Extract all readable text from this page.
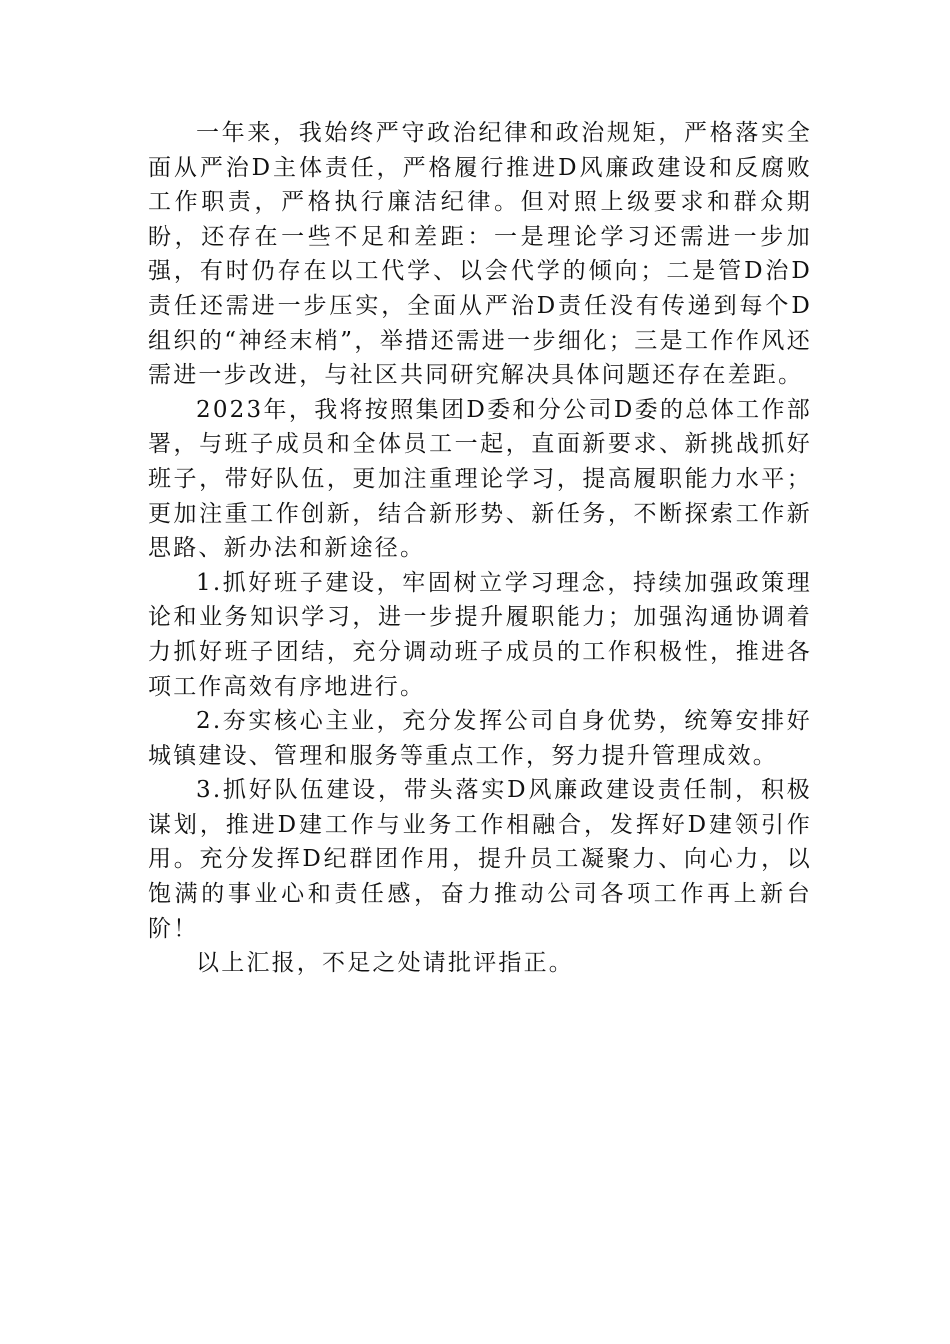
一年来，我始终严守政治纪律和政治规矩，严格落实全面从严治D主体责任，严格履行推进D风廉政建设和反腐败工作职责，严格执行廉洁纪律。但对照上级要求和群众期盼，还存在一些不足和差距：一是理论学习还需进一步加强，有时仍存在以工代学、以会代学的倾向；二是管D治D责任还需进一步压实，全面从严治D责任没有传递到每个D组织的“神经末梢”，举措还需进一步细化；三是工作作风还需进一步改进，与社区共同研究解决具体问题还存在差距。

2023年，我将按照集团D委和分公司D委的总体工作部署，与班子成员和全体员工一起，直面新要求、新挑战抓好班子，带好队伍，更加注重理论学习，提高履职能力水平；更加注重工作创新，结合新形势、新任务，不断探索工作新思路、新办法和新途径。

1.抓好班子建设，牢固树立学习理念，持续加强政策理论和业务知识学习，进一步提升履职能力；加强沟通协调着力抓好班子团结，充分调动班子成员的工作积极性，推进各项工作高效有序地进行。

2.夯实核心主业，充分发挥公司自身优势，统筹安排好城镇建设、管理和服务等重点工作，努力提升管理成效。

3.抓好队伍建设，带头落实D风廉政建设责任制，积极谋划，推进D建工作与业务工作相融合，发挥好D建领引作用。充分发挥D纪群团作用，提升员工凝聚力、向心力，以饱满的事业心和责任感，奋力推动公司各项工作再上新台阶！

以上汇报，不足之处请批评指正。
